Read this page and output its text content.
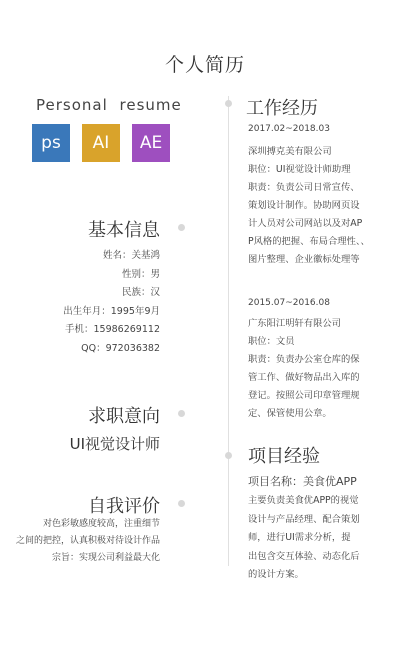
个人简历
Personal resume
ps AI AE
工作经历
2017.02~2018.03
深圳搏克美有限公司
职位：UI视觉设计师助理
职责：负责公司日常宣传、
策划设计制作。协助网页设
计人员对公司网站以及对AP
P风格的把握、布局合理性、、
图片整理、企业徽标处理等
2015.07~2016.08
广东阳江明轩有限公司
职位：文员
职责：负责办公室仓库的保
管工作、做好物品出入库的
登记。按照公司印章管理规
定、保管使用公章。
基本信息
姓名：关基鸿
性别：男
民族：汉
出生年月：1995年9月
手机：15986269112
QQ：972036382
求职意向
UI视觉设计师
项目经验
项目名称：美食优APP
主要负责美食优APP的视觉
设计与产品经理、配合策划
师，进行UI需求分析，提
出包含交互体验、动态化后
的设计方案。
自我评价
对色彩敏感度较高，注重细节
之间的把控，认真积极对待设计作品
宗旨：实现公司利益最大化
